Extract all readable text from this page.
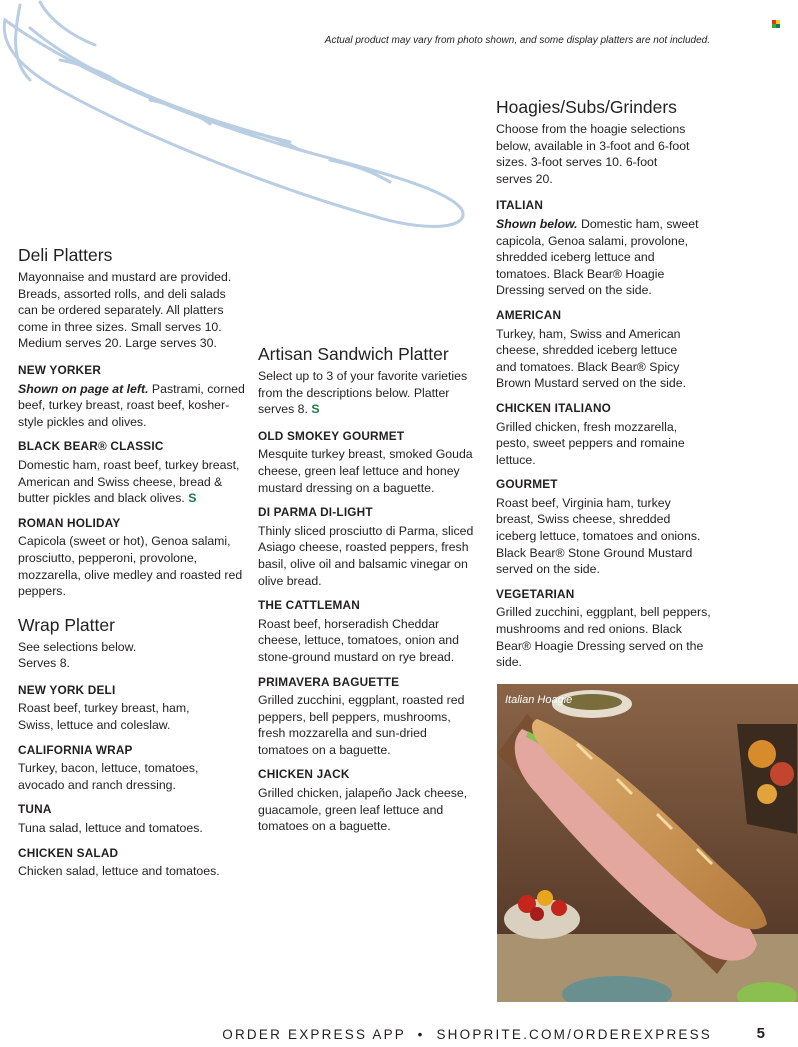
Actual product may vary from photo shown, and some display platters are not included.
Deli Platters

Mayonnaise and mustard are provided. Breads, assorted rolls, and deli salads can be ordered separately. All platters come in three sizes. Small serves 10. Medium serves 20. Large serves 30.

NEW YORKER

Shown on page at left. Pastrami, corned beef, turkey breast, roast beef, kosher-style pickles and olives.

BLACK BEAR® CLASSIC

Domestic ham, roast beef, turkey breast, American and Swiss cheese, bread & butter pickles and black olives. S

ROMAN HOLIDAY

Capicola (sweet or hot), Genoa salami, prosciutto, pepperoni, provolone, mozzarella, olive medley and roasted red peppers.

Wrap Platter

See selections below. Serves 8.

NEW YORK DELI

Roast beef, turkey breast, ham, Swiss, lettuce and coleslaw.

CALIFORNIA WRAP

Turkey, bacon, lettuce, tomatoes, avocado and ranch dressing.

TUNA

Tuna salad, lettuce and tomatoes.

CHICKEN SALAD

Chicken salad, lettuce and tomatoes.

Artisan Sandwich Platter

Select up to 3 of your favorite varieties from the descriptions below. Platter serves 8. S

OLD SMOKEY GOURMET

Mesquite turkey breast, smoked Gouda cheese, green leaf lettuce and honey mustard dressing on a baguette.

DI PARMA DI-LIGHT

Thinly sliced prosciutto di Parma, sliced Asiago cheese, roasted peppers, fresh basil, olive oil and balsamic vinegar on olive bread.

THE CATTLEMAN

Roast beef, horseradish Cheddar cheese, lettuce, tomatoes, onion and stone-ground mustard on rye bread.

PRIMAVERA BAGUETTE

Grilled zucchini, eggplant, roasted red peppers, bell peppers, mushrooms, fresh mozzarella and sun-dried tomatoes on a baguette.

CHICKEN JACK

Grilled chicken, jalapeño Jack cheese, guacamole, green leaf lettuce and tomatoes on a baguette.

Hoagies/Subs/Grinders

Choose from the hoagie selections below, available in 3-foot and 6-foot sizes. 3-foot serves 10. 6-foot serves 20.

ITALIAN

Shown below. Domestic ham, sweet capicola, Genoa salami, provolone, shredded iceberg lettuce and tomatoes. Black Bear® Hoagie Dressing served on the side.

AMERICAN

Turkey, ham, Swiss and American cheese, shredded iceberg lettuce and tomatoes. Black Bear® Spicy Brown Mustard served on the side.

CHICKEN ITALIANO

Grilled chicken, fresh mozzarella, pesto, sweet peppers and romaine lettuce.

GOURMET

Roast beef, Virginia ham, turkey breast, Swiss cheese, shredded iceberg lettuce, tomatoes and onions. Black Bear® Stone Ground Mustard served on the side.

VEGETARIAN

Grilled zucchini, eggplant, bell peppers, mushrooms and red onions. Black Bear® Hoagie Dressing served on the side.

Italian Hoagie
ORDER EXPRESS APP  •  SHOPRITE.COM/ORDEREXPRESS	5
